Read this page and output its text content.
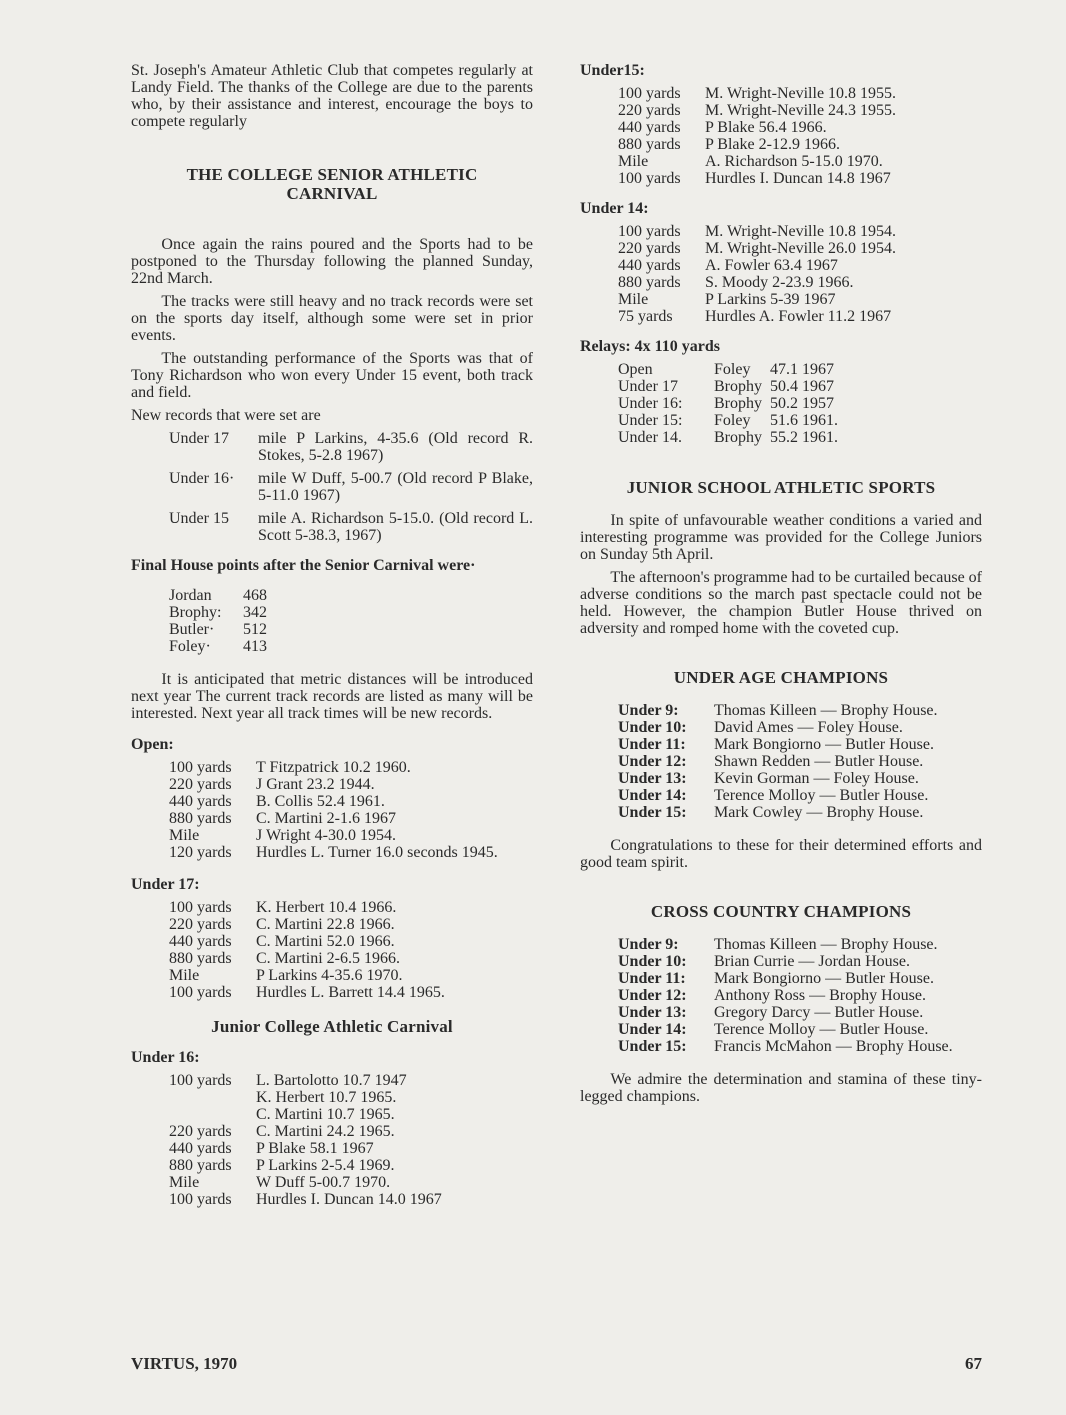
St. Joseph's Amateur Athletic Club that competes regularly at Landy Field. The thanks of the College are due to the parents who, by their assistance and interest, encourage the boys to compete regularly

THE COLLEGE SENIOR ATHLETIC
CARNIVAL

Once again the rains poured and the Sports had to be postponed to the Thursday following the planned Sunday, 22nd March.

The tracks were still heavy and no track records were set on the sports day itself, although some were set in prior events.

The outstanding performance of the Sports was that of Tony Richardson who won every Under 15 event, both track and field.

New records that were set are

Under 17	mile P Larkins, 4-35.6 (Old record R. Stokes, 5-2.8 1967)
Under 16·	mile W Duff, 5-00.7 (Old record P Blake, 5-11.0 1967)
Under 15	mile A. Richardson 5-15.0. (Old record L. Scott 5-38.3, 1967)

Final House points after the Senior Carnival were·

Jordan	468
Brophy:	342
Butler·	512
Foley·	413

It is anticipated that metric distances will be introduced next year The current track records are listed as many will be interested. Next year all track times will be new records.

Open:

100 yards	T Fitzpatrick 10.2 1960.
220 yards	J Grant 23.2 1944.
440 yards	B. Collis 52.4 1961.
880 yards	C. Martini 2-1.6 1967
Mile	J Wright 4-30.0 1954.
120 yards	Hurdles L. Turner 16.0 seconds 1945.

Under 17:

100 yards	K. Herbert 10.4 1966.
220 yards	C. Martini 22.8 1966.
440 yards	C. Martini 52.0 1966.
880 yards	C. Martini 2-6.5 1966.
Mile	P Larkins 4-35.6 1970.
100 yards	Hurdles L. Barrett 14.4 1965.
Junior College Athletic Carnival

Under 16:

100 yards	L. Bartolotto 10.7 1947
K. Herbert 10.7 1965.
C. Martini 10.7 1965.
220 yards	C. Martini 24.2 1965.
440 yards	P Blake 58.1 1967
880 yards	P Larkins 2-5.4 1969.
Mile	W Duff 5-00.7 1970.
100 yards	Hurdles I. Duncan 14.0 1967

Under15:

100 yards	M. Wright-Neville 10.8 1955.
220 yards	M. Wright-Neville 24.3 1955.
440 yards	P Blake 56.4 1966.
880 yards	P Blake 2-12.9 1966.
Mile	A. Richardson 5-15.0 1970.
100 yards	Hurdles I. Duncan 14.8 1967

Under 14:

100 yards	M. Wright-Neville 10.8 1954.
220 yards	M. Wright-Neville 26.0 1954.
440 yards	A. Fowler 63.4 1967
880 yards	S. Moody 2-23.9 1966.
Mile	P Larkins 5-39 1967
75 yards	Hurdles A. Fowler 11.2 1967

Relays: 4x 110 yards

Open	Foley	47.1 1967
Under 17	Brophy 50.4 1967
Under 16:	Brophy 50.2 1957
Under 15:	Foley	51.6 1961.
Under 14.	Brophy 55.2 1961.
JUNIOR SCHOOL ATHLETIC SPORTS

In spite of unfavourable weather conditions a varied and interesting programme was provided for the College Juniors on Sunday 5th April.

The afternoon's programme had to be curtailed because of adverse conditions so the march past spectacle could not be held. However, the champion Butler House thrived on adversity and romped home with the coveted cup.

UNDER AGE CHAMPIONS
Under 9:	Thomas Killeen — Brophy House.
Under 10:	David Ames — Foley House.
Under 11:	Mark Bongiorno — Butler House.
Under 12:	Shawn Redden — Butler House.
Under 13:	Kevin Gorman — Foley House.
Under 14:	Terence Molloy — Butler House.
Under 15:	Mark Cowley — Brophy House.

Congratulations to these for their determined efforts and good team spirit.

CROSS COUNTRY CHAMPIONS
Under 9:	Thomas Killeen — Brophy House.
Under 10:	Brian Currie — Jordan House.
Under 11:	Mark Bongiorno — Butler House.
Under 12:	Anthony Ross — Brophy House.
Under 13:	Gregory Darcy — Butler House.
Under 14:	Terence Molloy — Butler House.
Under 15:	Francis McMahon — Brophy House.

We admire the determination and stamina of these tiny-legged champions.

VIRTUS, 1970	67
